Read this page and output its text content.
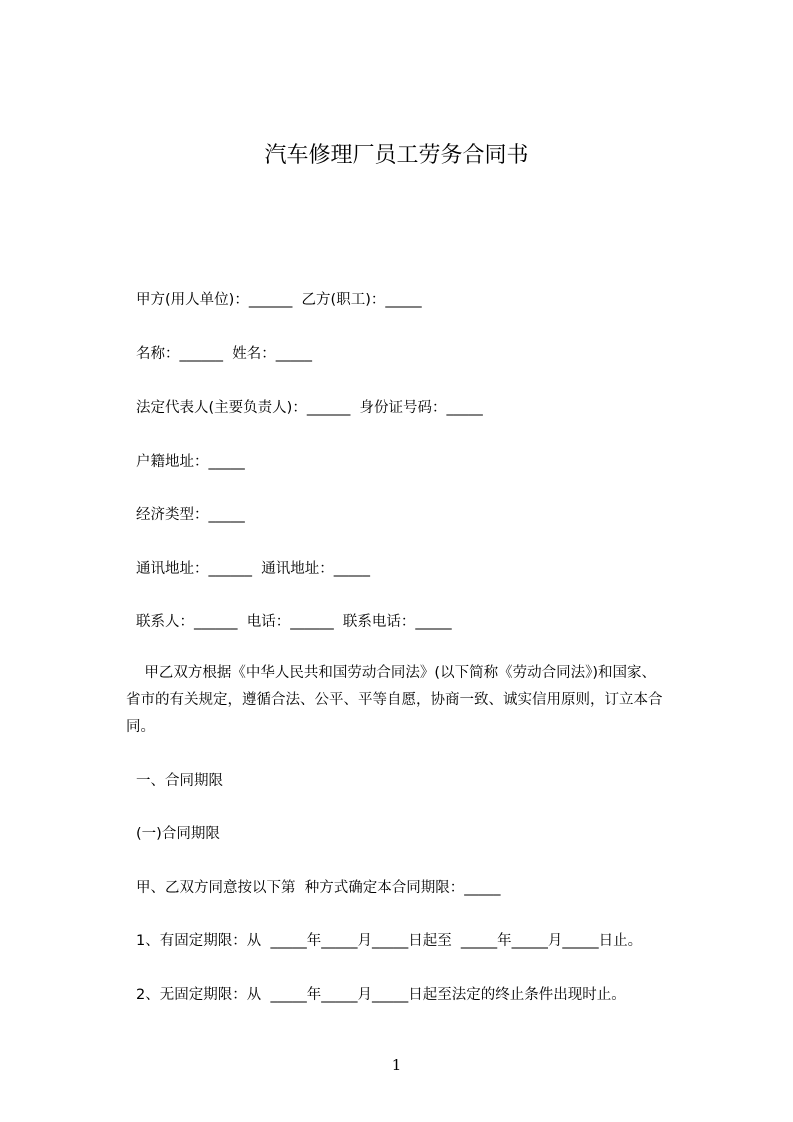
汽车修理厂员工劳务合同书

甲方(用人单位)：______  乙方(职工)：_____

名称：______  姓名：_____

法定代表人(主要负责人)：______  身份证号码：_____

户籍地址：_____

经济类型：_____

通讯地址：______  通讯地址：_____

联系人：______  电话：______  联系电话：_____

甲乙双方根据《中华人民共和国劳动合同法》(以下简称《劳动合同法》)和国家、
省市的有关规定，遵循合法、公平、平等自愿，协商一致、诚实信用原则，订立本合
同。

一、合同期限

(一)合同期限

甲、乙双方同意按以下第  种方式确定本合同期限：_____

1、有固定期限：从  _____年_____月_____日起至  _____年_____月_____日止。

2、无固定期限：从  _____年_____月_____日起至法定的终止条件出现时止。

1
